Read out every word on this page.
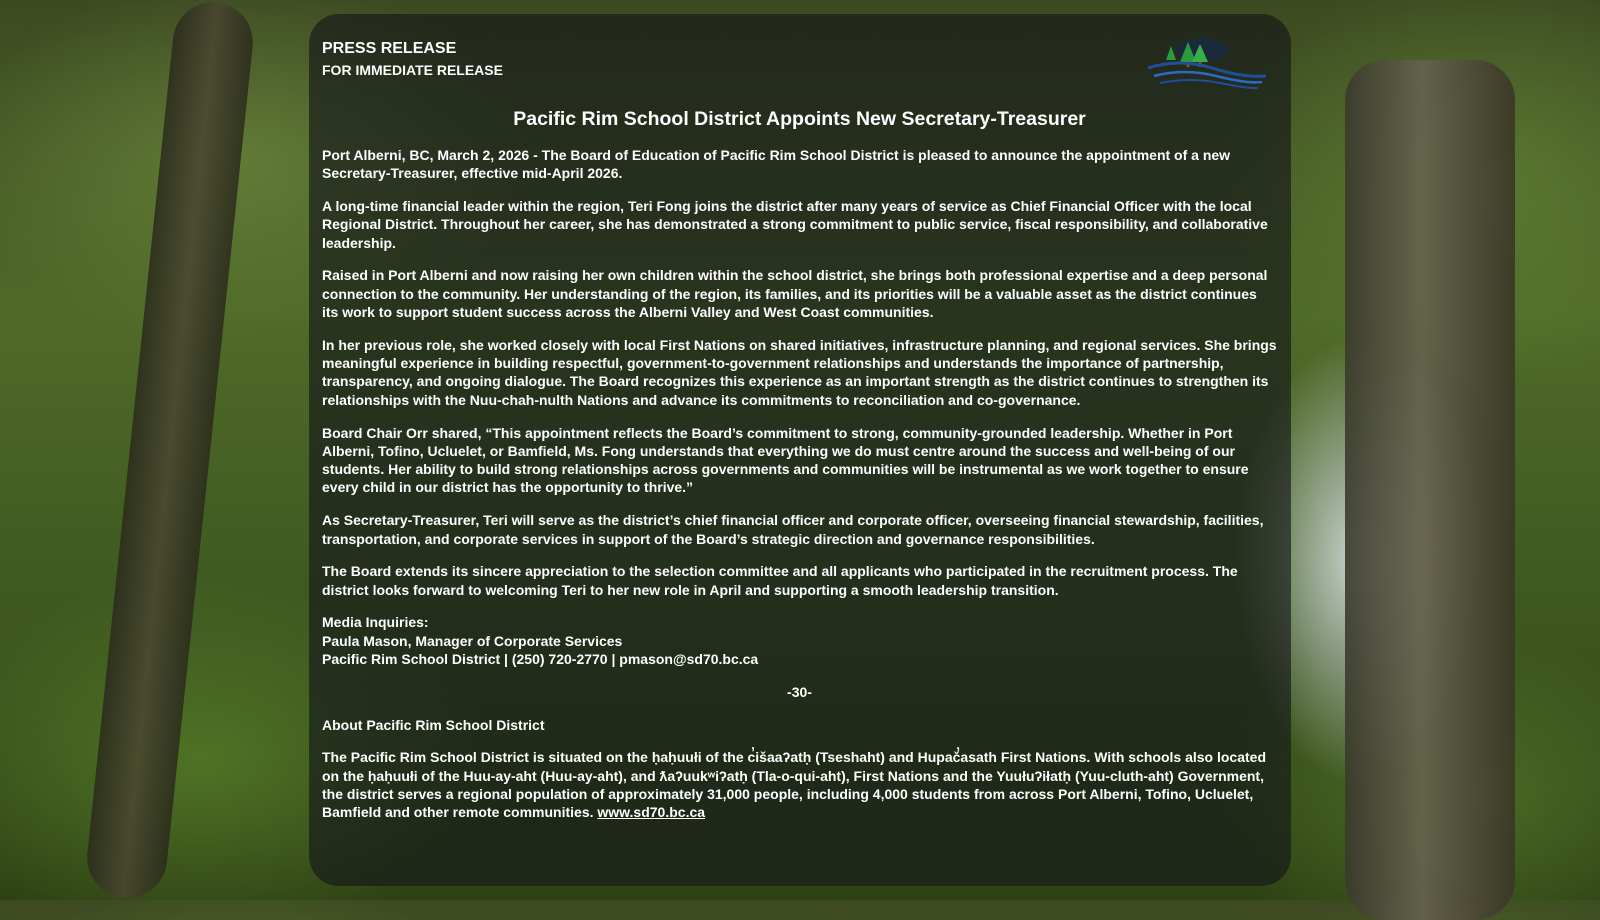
PRESS RELEASE
FOR IMMEDIATE RELEASE
Pacific Rim School District Appoints New Secretary-Treasurer
Port Alberni, BC, March 2, 2026 - The Board of Education of Pacific Rim School District is pleased to announce the appointment of a new Secretary-Treasurer, effective mid-April 2026.
A long-time financial leader within the region, Teri Fong joins the district after many years of service as Chief Financial Officer with the local Regional District. Throughout her career, she has demonstrated a strong commitment to public service, fiscal responsibility, and collaborative leadership.
Raised in Port Alberni and now raising her own children within the school district, she brings both professional expertise and a deep personal connection to the community. Her understanding of the region, its families, and its priorities will be a valuable asset as the district continues its work to support student success across the Alberni Valley and West Coast communities.
In her previous role, she worked closely with local First Nations on shared initiatives, infrastructure planning, and regional services. She brings meaningful experience in building respectful, government-to-government relationships and understands the importance of partnership, transparency, and ongoing dialogue. The Board recognizes this experience as an important strength as the district continues to strengthen its relationships with the Nuu-chah-nulth Nations and advance its commitments to reconciliation and co-governance.
Board Chair Orr shared, “This appointment reflects the Board’s commitment to strong, community-grounded leadership. Whether in Port Alberni, Tofino, Ucluelet, or Bamfield, Ms. Fong understands that everything we do must centre around the success and well-being of our students. Her ability to build strong relationships across governments and communities will be instrumental as we work together to ensure every child in our district has the opportunity to thrive.”
As Secretary-Treasurer, Teri will serve as the district’s chief financial officer and corporate officer, overseeing financial stewardship, facilities, transportation, and corporate services in support of the Board’s strategic direction and governance responsibilities.
The Board extends its sincere appreciation to the selection committee and all applicants who participated in the recruitment process. The district looks forward to welcoming Teri to her new role in April and supporting a smooth leadership transition.
Media Inquiries:
Paula Mason, Manager of Corporate Services
Pacific Rim School District | (250) 720-2770 | pmason@sd70.bc.ca
-30-
About Pacific Rim School District
The Pacific Rim School District is situated on the ḥaḥuułi of the c̓išaaʔatḥ (Tseshaht) and Hupač̓asath First Nations. With schools also located on the ḥaḥuułi of the Huu-ay-aht (Huu-ay-aht), and ƛaʔuukʷiʔatḥ (Tla-o-qui-aht), First Nations and the Yuułuʔiłatḥ (Yuu-cluth-aht) Government, the district serves a regional population of approximately 31,000 people, including 4,000 students from across Port Alberni, Tofino, Ucluelet, Bamfield and other remote communities. www.sd70.bc.ca
